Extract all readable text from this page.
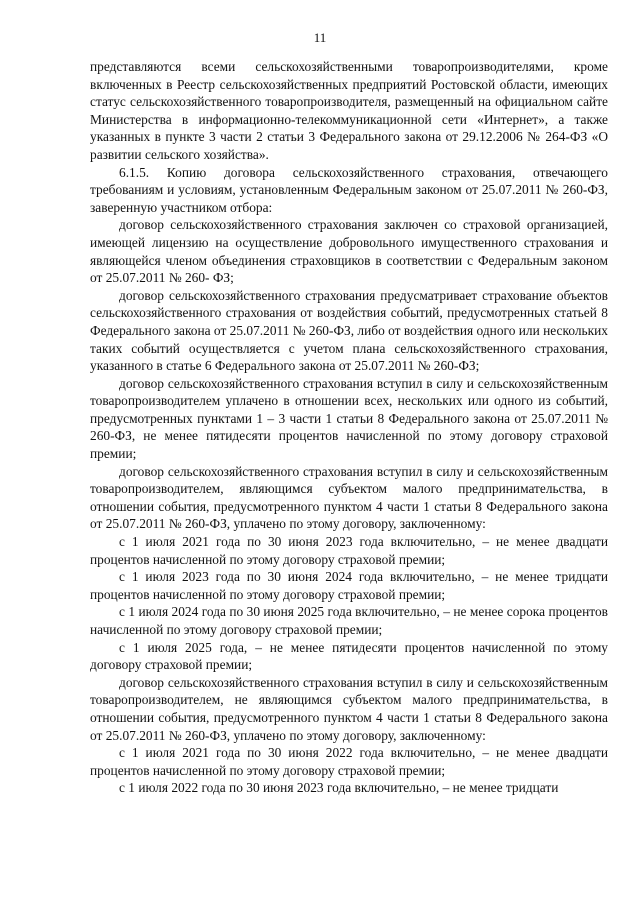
11

представляются всеми сельскохозяйственными товаропроизводителями, кроме включенных в Реестр сельскохозяйственных предприятий Ростовской области, имеющих статус сельскохозяйственного товаропроизводителя, размещенный на официальном сайте Министерства в информационно-телекоммуникационной сети «Интернет», а также указанных в пункте 3 части 2 статьи 3 Федерального закона от 29.12.2006 № 264-ФЗ «О развитии сельского хозяйства».

6.1.5. Копию договора сельскохозяйственного страхования, отвечающего требованиям и условиям, установленным Федеральным законом от 25.07.2011 № 260-ФЗ, заверенную участником отбора:

договор сельскохозяйственного страхования заключен со страховой организацией, имеющей лицензию на осуществление добровольного имущественного страхования и являющейся членом объединения страховщиков в соответствии с Федеральным законом от 25.07.2011 № 260- ФЗ;

договор сельскохозяйственного страхования предусматривает страхование объектов сельскохозяйственного страхования от воздействия событий, предусмотренных статьей 8 Федерального закона от 25.07.2011 № 260-ФЗ, либо от воздействия одного или нескольких таких событий осуществляется с учетом плана сельскохозяйственного страхования, указанного в статье 6 Федерального закона от 25.07.2011 № 260-ФЗ;

договор сельскохозяйственного страхования вступил в силу и сельскохозяйственным товаропроизводителем уплачено в отношении всех, нескольких или одного из событий, предусмотренных пунктами 1 – 3 части 1 статьи 8 Федерального закона от 25.07.2011 № 260-ФЗ, не менее пятидесяти процентов начисленной по этому договору страховой премии;

договор сельскохозяйственного страхования вступил в силу и сельскохозяйственным товаропроизводителем, являющимся субъектом малого предпринимательства, в отношении события, предусмотренного пунктом 4 части 1 статьи 8 Федерального закона от 25.07.2011 № 260-ФЗ, уплачено по этому договору, заключенному:

с 1 июля 2021 года по 30 июня 2023 года включительно, – не менее двадцати процентов начисленной по этому договору страховой премии;

с 1 июля 2023 года по 30 июня 2024 года включительно, – не менее тридцати процентов начисленной по этому договору страховой премии;

с 1 июля 2024 года по 30 июня 2025 года включительно, – не менее сорока процентов начисленной по этому договору страховой премии;

с 1 июля 2025 года, – не менее пятидесяти процентов начисленной по этому договору страховой премии;

договор сельскохозяйственного страхования вступил в силу и сельскохозяйственным товаропроизводителем, не являющимся субъектом малого предпринимательства, в отношении события, предусмотренного пунктом 4 части 1 статьи 8 Федерального закона от 25.07.2011 № 260-ФЗ, уплачено по этому договору, заключенному:

с 1 июля 2021 года по 30 июня 2022 года включительно, – не менее двадцати процентов начисленной по этому договору страховой премии;

с 1 июля 2022 года по 30 июня 2023 года включительно, – не менее тридцати
